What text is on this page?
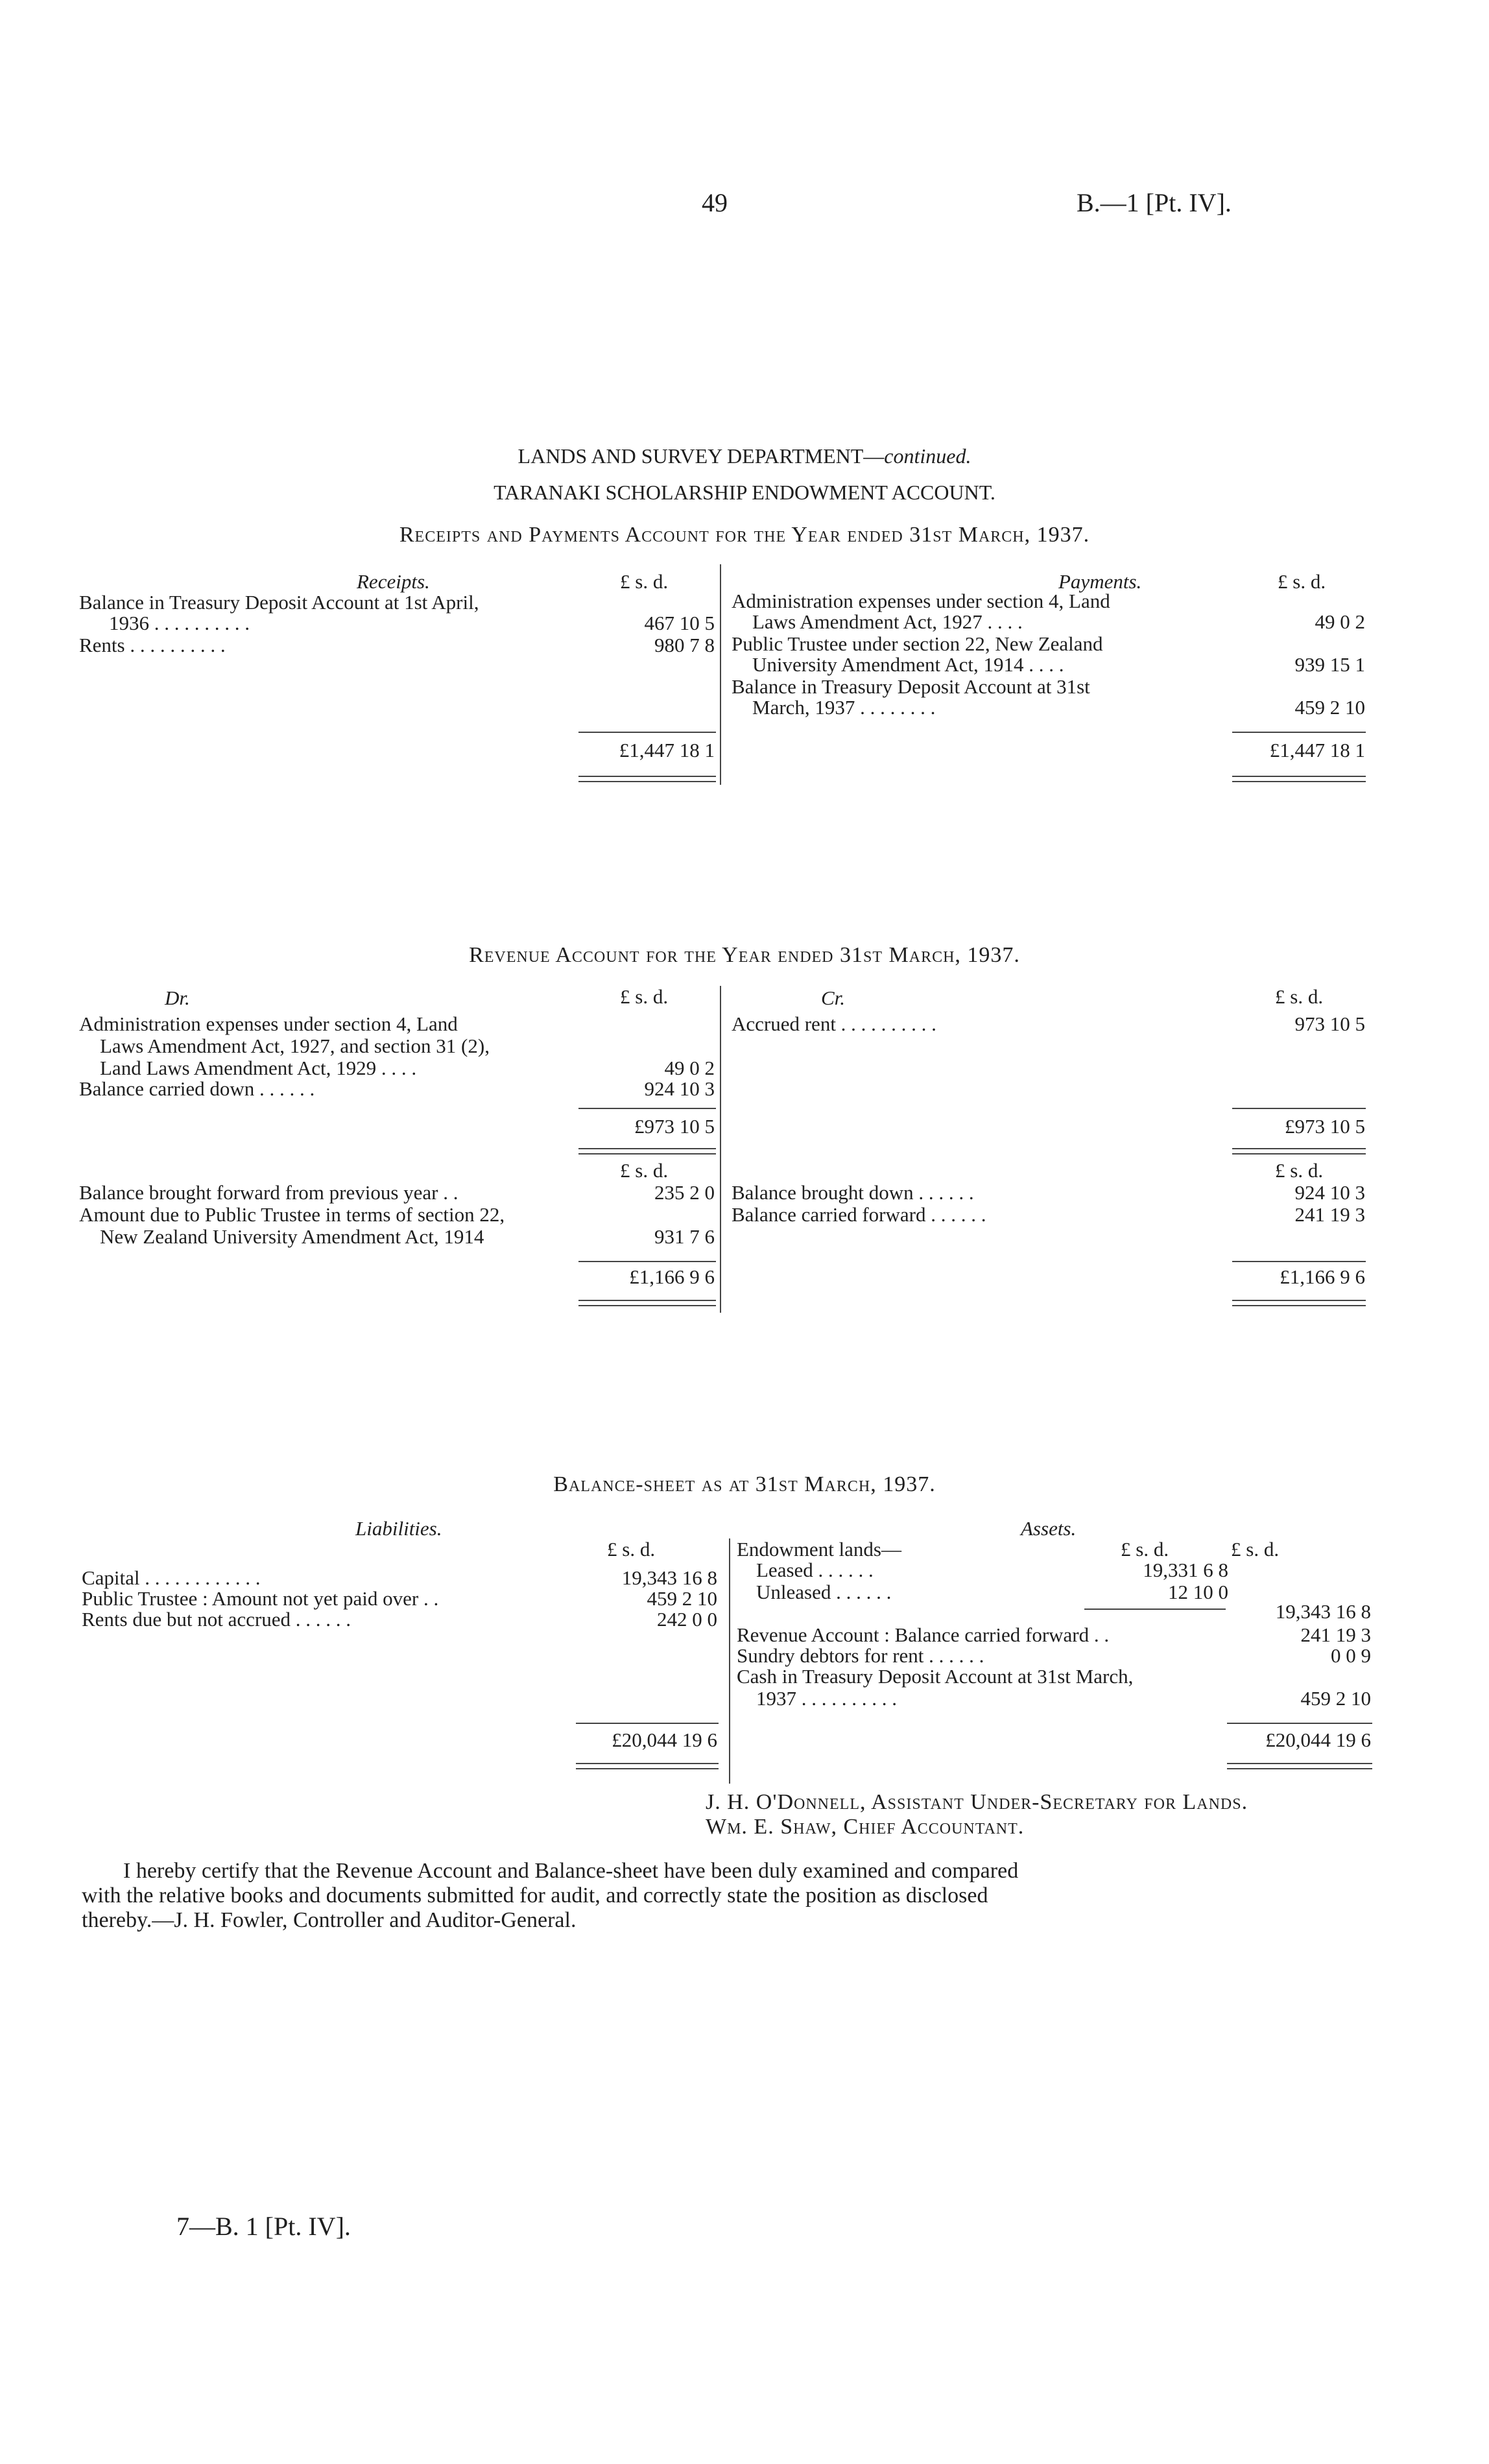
49	B.—1 [Pt. IV].
LANDS AND SURVEY DEPARTMENT—continued.
TARANAKI SCHOLARSHIP ENDOWMENT ACCOUNT.
Receipts and Payments Account for the Year ended 31st March, 1937.
Receipts.	£ s. d.
Balance in Treasury Deposit Account at 1st April,
1936 . . . . . . . . . .	467 10 5
Rents . . . . . . . . . .	980 7 8
£1,447 18 1
Payments.	£ s. d.
Administration expenses under section 4, Land
Laws Amendment Act, 1927 . . . .	49 0 2
Public Trustee under section 22, New Zealand
University Amendment Act, 1914 . . . .	939 15 1
Balance in Treasury Deposit Account at 31st
March, 1937 . . . . . . . .	459 2 10
£1,447 18 1
Revenue Account for the Year ended 31st March, 1937.
Dr.	£ s. d.
Administration expenses under section 4, Land
Laws Amendment Act, 1927, and section 31 (2),
Land Laws Amendment Act, 1929 . . . .	49 0 2
Balance carried down . . . . . .	924 10 3
£973 10 5
Cr.	£ s. d.
Accrued rent . . . . . . . . . .	973 10 5
£973 10 5
£ s. d.
Balance brought forward from previous year . .	235 2 0
Amount due to Public Trustee in terms of section 22,
New Zealand University Amendment Act, 1914	931 7 6
£1,166 9 6
£ s. d.
Balance brought down . . . . . .	924 10 3
Balance carried forward . . . . . .	241 19 3
£1,166 9 6
Balance-sheet as at 31st March, 1937.
Liabilities.
£ s. d.
Capital . . . . . . . . . . . .	19,343 16 8
Public Trustee : Amount not yet paid over . .	459 2 10
Rents due but not accrued . . . . . .	242 0 0
£20,044 19 6
Assets.
£ s. d.	£ s. d.
Endowment lands—
Leased . . . . . .	19,331 6 8
Unleased . . . . . .	12 10 0
19,343 16 8
Revenue Account : Balance carried forward . .	241 19 3
Sundry debtors for rent . . . . . .	0 0 9
Cash in Treasury Deposit Account at 31st March,
1937 . . . . . . . . . .	459 2 10
£20,044 19 6
J. H. O'Donnell, Assistant Under-Secretary for Lands.
Wm. E. Shaw, Chief Accountant.
I hereby certify that the Revenue Account and Balance-sheet have been duly examined and compared
with the relative books and documents submitted for audit, and correctly state the position as disclosed
thereby.—J. H. Fowler, Controller and Auditor-General.
7—B. 1 [Pt. IV].
